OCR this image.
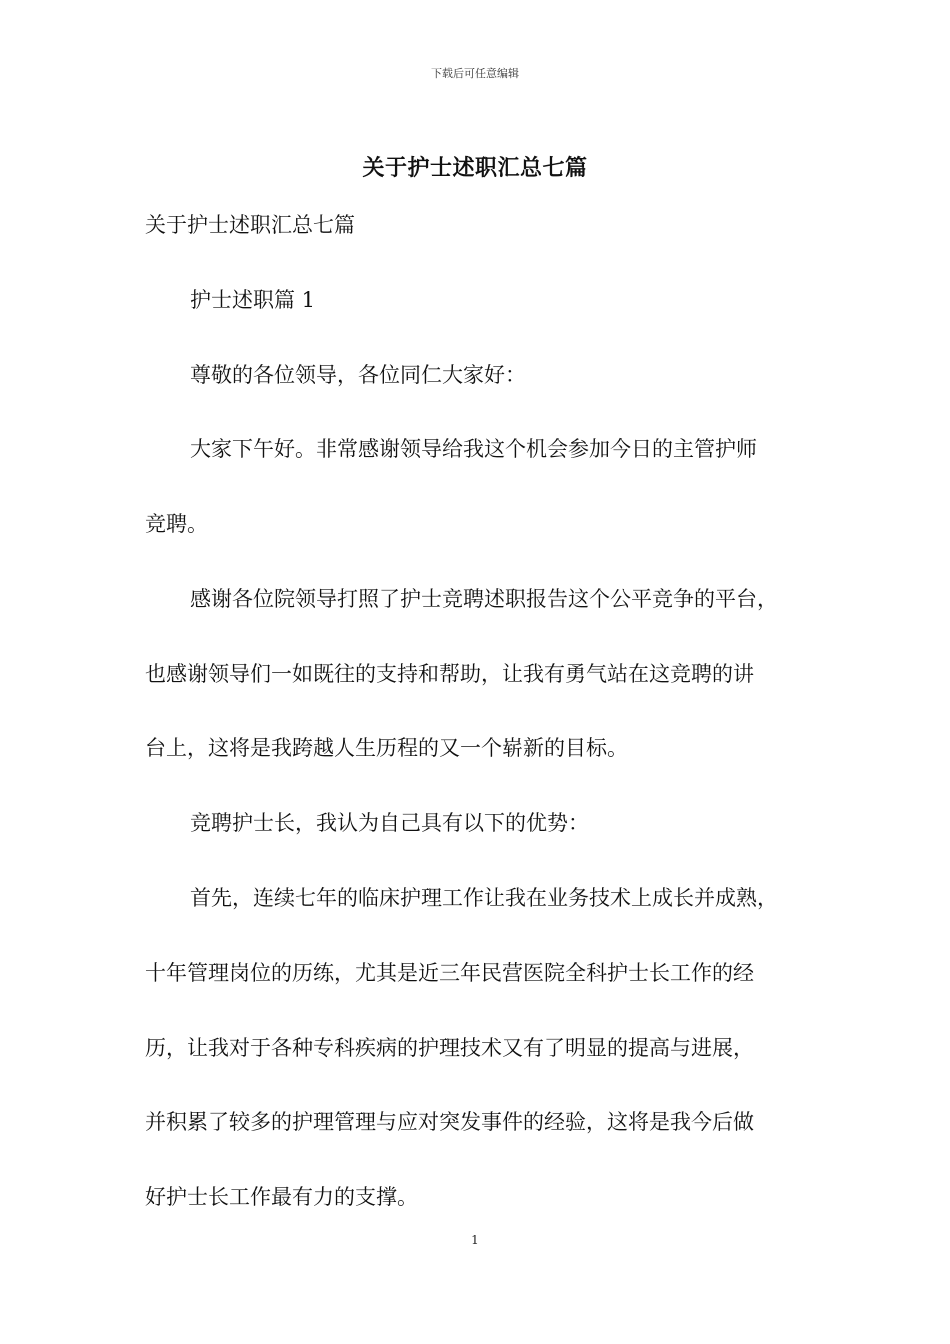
下载后可任意编辑
关于护士述职汇总七篇
关于护士述职汇总七篇
护士述职篇 1
尊敬的各位领导，各位同仁大家好：
大家下午好。非常感谢领导给我这个机会参加今日的主管护师
竞聘。
感谢各位院领导打照了护士竞聘述职报告这个公平竞争的平台，
也感谢领导们一如既往的支持和帮助，让我有勇气站在这竞聘的讲
台上，这将是我跨越人生历程的又一个崭新的目标。
竞聘护士长，我认为自己具有以下的优势：
首先，连续七年的临床护理工作让我在业务技术上成长并成熟，
十年管理岗位的历练，尤其是近三年民营医院全科护士长工作的经
历，让我对于各种专科疾病的护理技术又有了明显的提高与进展，
并积累了较多的护理管理与应对突发事件的经验，这将是我今后做
好护士长工作最有力的支撑。
1
